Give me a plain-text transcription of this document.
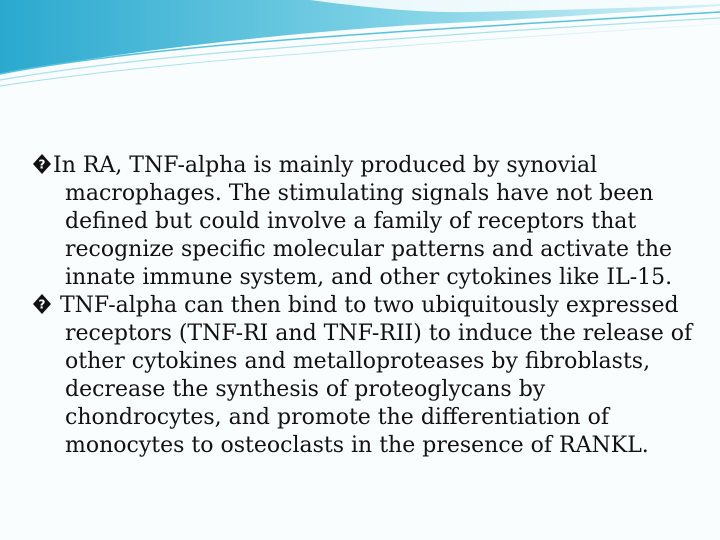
? In RA, TNF-alpha is mainly produced by synovial macrophages. The stimulating signals have not been defined but could involve a family of receptors that recognize specific molecular patterns and activate the innate immune system, and other cytokines like IL-15.

? TNF-alpha can then bind to two ubiquitously expressed receptors (TNF-RI and TNF-RII) to induce the release of other cytokines and metalloproteases by fibroblasts, decrease the synthesis of proteoglycans by chondrocytes, and promote the differentiation of monocytes to osteoclasts in the presence of RANKL.
